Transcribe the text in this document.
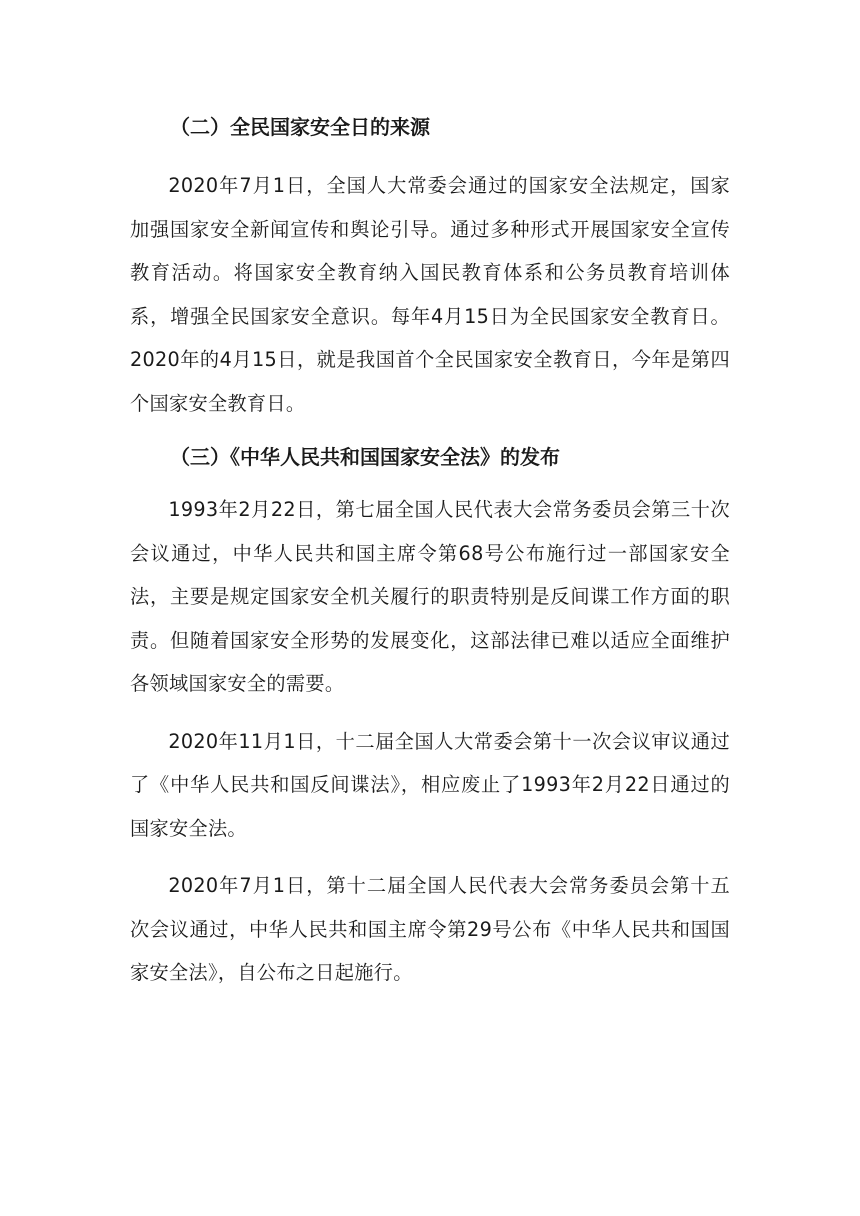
（二）全民国家安全日的来源

2020年7月1日，全国人大常委会通过的国家安全法规定，国家加强国家安全新闻宣传和舆论引导。通过多种形式开展国家安全宣传教育活动。将国家安全教育纳入国民教育体系和公务员教育培训体系，增强全民国家安全意识。每年4月15日为全民国家安全教育日。2020年的4月15日，就是我国首个全民国家安全教育日，今年是第四个国家安全教育日。

（三）《中华人民共和国国家安全法》的发布

1993年2月22日，第七届全国人民代表大会常务委员会第三十次会议通过，中华人民共和国主席令第68号公布施行过一部国家安全法，主要是规定国家安全机关履行的职责特别是反间谍工作方面的职责。但随着国家安全形势的发展变化，这部法律已难以适应全面维护各领域国家安全的需要。

2020年11月1日，十二届全国人大常委会第十一次会议审议通过了《中华人民共和国反间谍法》，相应废止了1993年2月22日通过的国家安全法。

2020年7月1日，第十二届全国人民代表大会常务委员会第十五次会议通过，中华人民共和国主席令第29号公布《中华人民共和国国家安全法》，自公布之日起施行。
